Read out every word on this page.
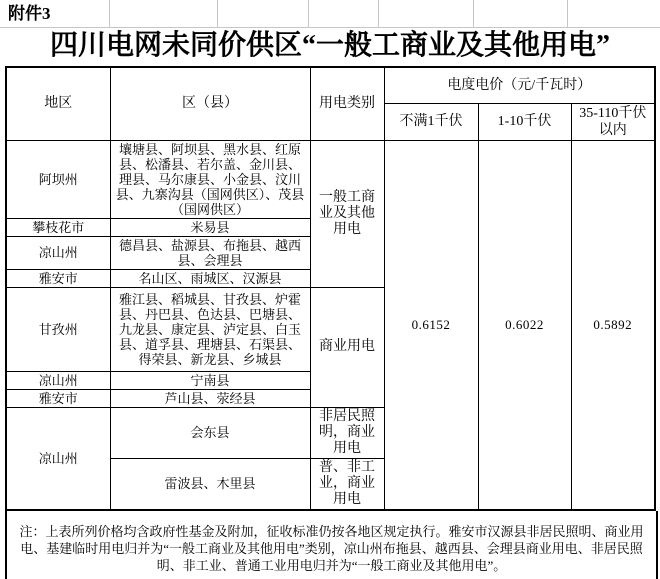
附件3
四川电网未同价供区“一般工商业及其他用电”
地区	区（县）	用电类别	电度电价（元/千瓦时）		
			不满1千伏	1-10千伏	35-110千伏以内
阿坝州	壤塘县、阿坝县、黑水县、红原县、松潘县、若尔盖、金川县、理县、马尔康县、小金县、汶川县、九寨沟县（国网供区）、茂县（国网供区）	一般工商业及其他用电	0.6152	0.6022	0.5892
攀枝花市	米易县				
凉山州	德昌县、盐源县、布拖县、越西县、会理县				
雅安市	名山区、雨城区、汉源县				
甘孜州	雅江县、稻城县、甘孜县、炉霍县、丹巴县、色达县、巴塘县、九龙县、康定县、泸定县、白玉县、道孚县、理塘县、石渠县、得荣县、新龙县、乡城县	商业用电			
凉山州	宁南县				
雅安市	芦山县、荥经县				
凉山州	会东县	非居民照明，商业用电			
	雷波县、木里县	普、非工业，商业用电			

注：上表所列价格均含政府性基金及附加，征收标准仍按各地区规定执行。雅安市汉源县非居民照明、商业用电、基建临时用电归并为“一般工商业及其他用电”类别，凉山州布拖县、越西县、会理县商业用电、非居民照明、非工业、普通工业用电归并为“一般工商业及其他用电”。
